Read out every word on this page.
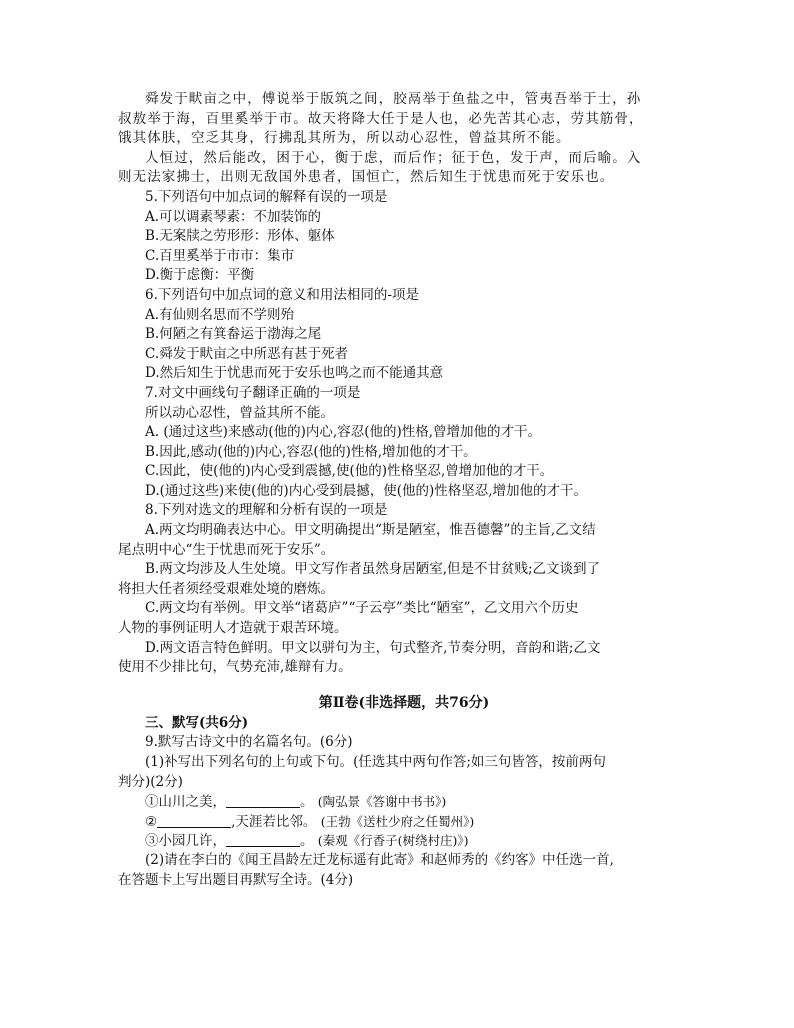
舜发于畎亩之中，傅说举于版筑之间，胶鬲举于鱼盐之中，管夷吾举于士，孙
叔敖举于海，百里奚举于市。故天将降大任于是人也，必先苦其心志，劳其筋骨，
饿其体肤，空乏其身，行拂乱其所为，所以动心忍性，曾益其所不能。
人恒过，然后能改，困于心，衡于虑，而后作；征于色，发于声，而后喻。入
则无法家拂士，出则无敌国外患者，国恒亡，然后知生于忧患而死于安乐也。
5.下列语句中加点词的解释有误的一项是
A.可以调素琴素：不加装饰的
B.无案牍之劳形形：形体、躯体
C.百里奚举于市市：集市
D.衡于虑衡：平衡
6.下列语句中加点词的意义和用法相同的-项是
A.有仙则名思而不学则殆
B.何陋之有箕畚运于渤海之尾
C.舜发于畎亩之中所恶有甚于死者
D.然后知生于忧患而死于安乐也鸣之而不能通其意
7.对文中画线句子翻译正确的一项是
所以动心忍性，曾益其所不能。
A. (通过这些)来感动(他的)内心,容忍(他的)性格,曾增加他的才干。
B.因此,感动(他的)内心,容忍(他的)性格,增加他的才干。
C.因此，使(他的)内心受到震撼,使(他的)性格坚忍,曾增加他的才干。
D.(通过这些)来使(他的)内心受到晨撼，使(他的)性格坚忍,增加他的才干。
8.下列对选文的理解和分析有误的一项是
A.两文均明确表达中心。甲文明确提出“斯是陋室，惟吾德馨”的主旨,乙文结
尾点明中心“生于忧患而死于安乐”。
B.两文均涉及人生处境。甲文写作者虽然身居陋室,但是不甘贫贱;乙文谈到了
将担大任者须经受艰难处境的磨炼。
C.两文均有举例。甲文举“诸葛庐”“子云亭”类比“陋室”，乙文用六个历史
人物的事例证明人才造就于艰苦环境。
D.两文语言特色鲜明。甲文以骈句为主，句式整齐,节奏分明，音韵和谐;乙文
使用不少排比句，气势充沛,雄辩有力。
第Ⅱ卷(非选择题，共76分)
三、默写(共6分)
9.默写古诗文中的名篇名句。(6分)
(1)补写出下列名句的上句或下句。(任选其中两句作答;如三句皆答，按前两句
判分)(2分)
①山川之美，	。 (陶弘景《答谢中书书》)
②	,天涯若比邻。 (王勃《送杜少府之任蜀州》)
③小园几许，	。 (秦观《行香子(树绕村庄)》)
(2)请在李白的《闻王昌龄左迁龙标遥有此寄》和赵师秀的《约客》中任选一首,
在答题卡上写出题目再默写全诗。(4分)
